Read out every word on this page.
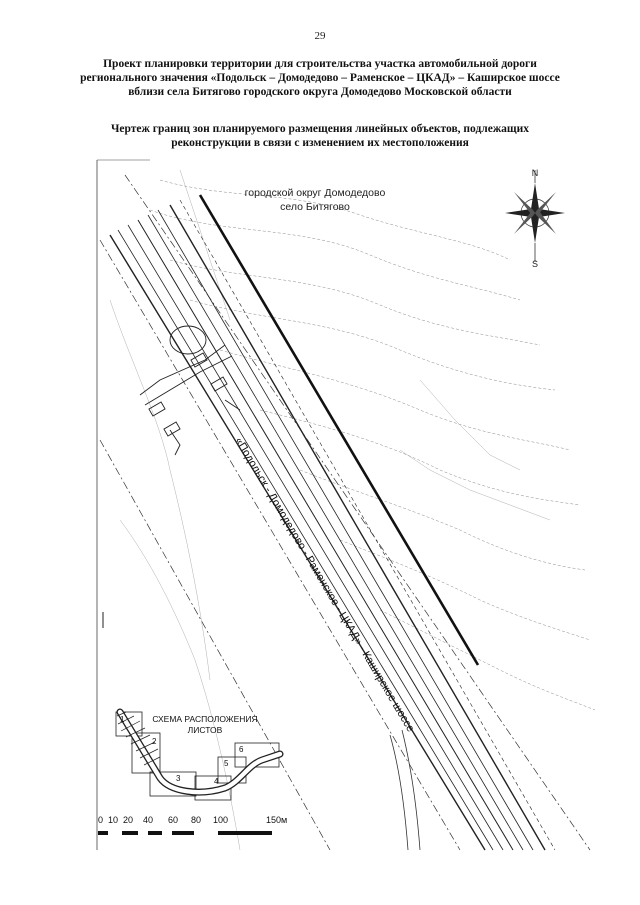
29
Проект планировки территории для строительства участка автомобильной дороги
регионального значения «Подольск – Домодедово – Раменское – ЦКАД» – Каширское шоссе
вблизи села Битягово городского округа Домодедово Московской области
Чертеж границ зон планируемого размещения линейных объектов, подлежащих
реконструкции в связи с изменением их местоположения
городской округ Домодедово
село Битягово
«Подольск - Домодедово - Раменское - ЦКАД» - Каширское шоссе
N
S
СХЕМА РАСПОЛОЖЕНИЯ
ЛИСТОВ
1
2
3	4
5
6
0 10 20 40 60 80 100	150м
